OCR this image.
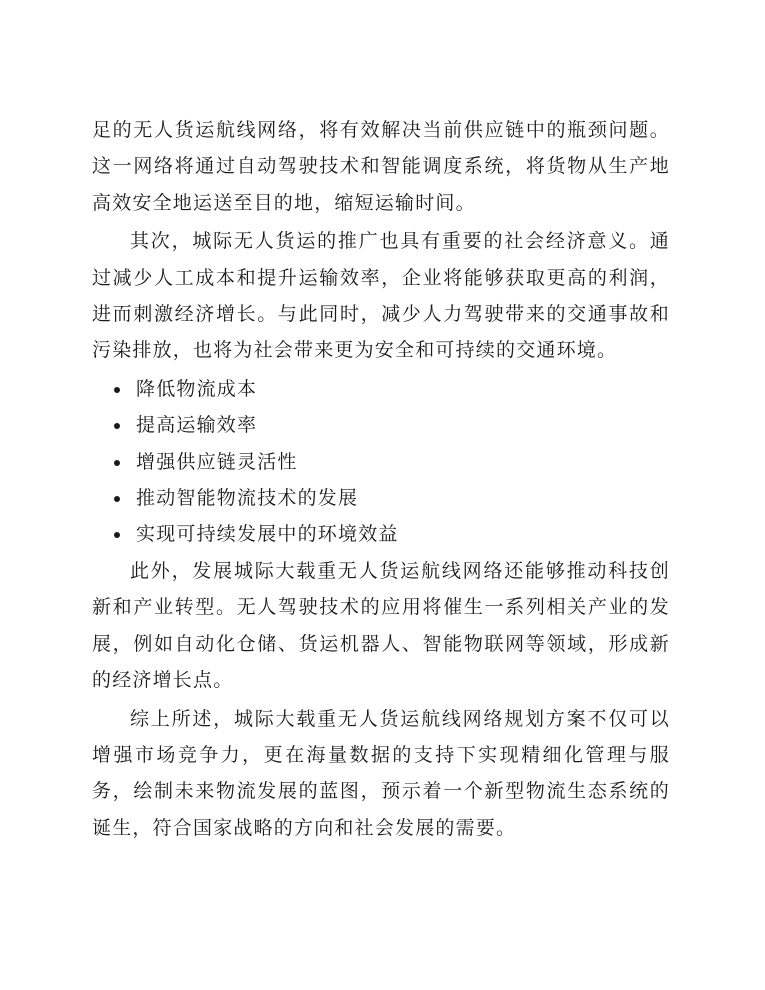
足的无人货运航线网络，将有效解决当前供应链中的瓶颈问题。这一网络将通过自动驾驶技术和智能调度系统，将货物从生产地高效安全地运送至目的地，缩短运输时间。

其次，城际无人货运的推广也具有重要的社会经济意义。通过减少人工成本和提升运输效率，企业将能够获取更高的利润，进而刺激经济增长。与此同时，减少人力驾驶带来的交通事故和污染排放，也将为社会带来更为安全和可持续的交通环境。

降低物流成本
提高运输效率
增强供应链灵活性
推动智能物流技术的发展
实现可持续发展中的环境效益

此外，发展城际大载重无人货运航线网络还能够推动科技创新和产业转型。无人驾驶技术的应用将催生一系列相关产业的发展，例如自动化仓储、货运机器人、智能物联网等领域，形成新的经济增长点。

综上所述，城际大载重无人货运航线网络规划方案不仅可以增强市场竞争力，更在海量数据的支持下实现精细化管理与服务，绘制未来物流发展的蓝图，预示着一个新型物流生态系统的诞生，符合国家战略的方向和社会发展的需要。
